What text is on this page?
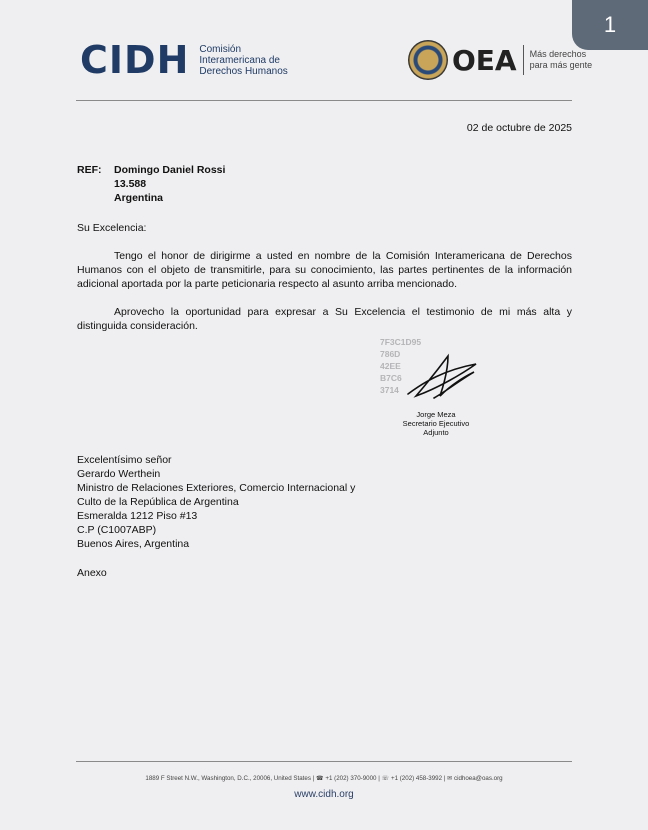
1
CIDH Comisión
Interamericana de
Derechos Humanos	OEA Más derechos
para más gente
02 de octubre de 2025
REF: Domingo Daniel Rossi
13.588
Argentina
Su Excelencia:
Tengo el honor de dirigirme a usted en nombre de la Comisión Interamericana de Derechos Humanos con el objeto de transmitirle, para su conocimiento, las partes pertinentes de la información adicional aportada por la parte peticionaria respecto al asunto arriba mencionado.
Aprovecho la oportunidad para expresar a Su Excelencia el testimonio de mi más alta y distinguida consideración.
7F3C1D95
786D
42EE
B7C6
3714
Jorge Meza
Secretario Ejecutivo
Adjunto
Excelentísimo señor
Gerardo Werthein
Ministro de Relaciones Exteriores, Comercio Internacional y
Culto de la República de Argentina
Esmeralda 1212 Piso #13
C.P (C1007ABP)
Buenos Aires, Argentina
Anexo
1889 F Street N.W., Washington, D.C., 20006, United States | ☎ +1 (202) 370-9000 | ☏ +1 (202) 458-3992 | ✉ cidhoea@oas.org
www.cidh.org
